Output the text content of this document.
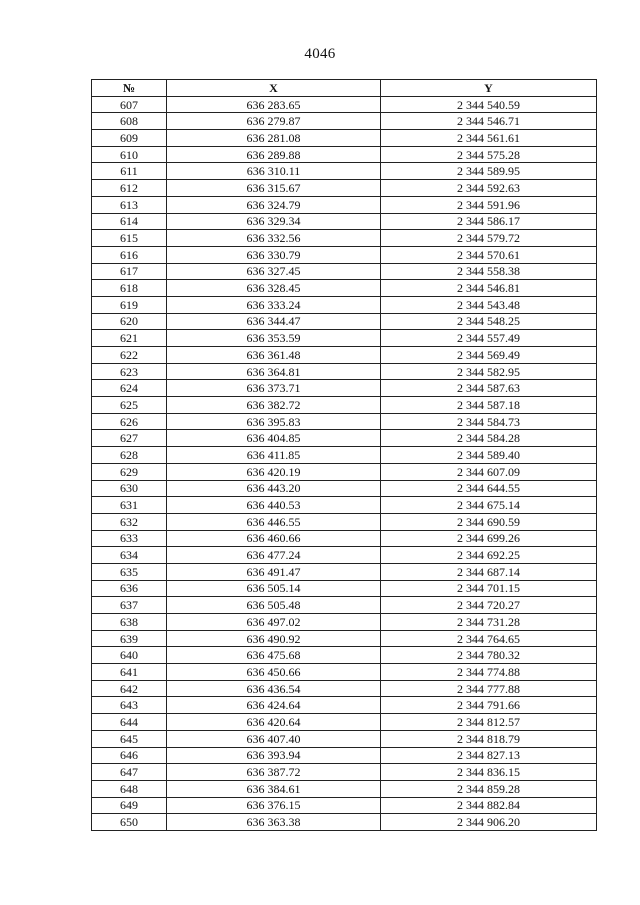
4046
№	X	Y
607	636 283.65	2 344 540.59
608	636 279.87	2 344 546.71
609	636 281.08	2 344 561.61
610	636 289.88	2 344 575.28
611	636 310.11	2 344 589.95
612	636 315.67	2 344 592.63
613	636 324.79	2 344 591.96
614	636 329.34	2 344 586.17
615	636 332.56	2 344 579.72
616	636 330.79	2 344 570.61
617	636 327.45	2 344 558.38
618	636 328.45	2 344 546.81
619	636 333.24	2 344 543.48
620	636 344.47	2 344 548.25
621	636 353.59	2 344 557.49
622	636 361.48	2 344 569.49
623	636 364.81	2 344 582.95
624	636 373.71	2 344 587.63
625	636 382.72	2 344 587.18
626	636 395.83	2 344 584.73
627	636 404.85	2 344 584.28
628	636 411.85	2 344 589.40
629	636 420.19	2 344 607.09
630	636 443.20	2 344 644.55
631	636 440.53	2 344 675.14
632	636 446.55	2 344 690.59
633	636 460.66	2 344 699.26
634	636 477.24	2 344 692.25
635	636 491.47	2 344 687.14
636	636 505.14	2 344 701.15
637	636 505.48	2 344 720.27
638	636 497.02	2 344 731.28
639	636 490.92	2 344 764.65
640	636 475.68	2 344 780.32
641	636 450.66	2 344 774.88
642	636 436.54	2 344 777.88
643	636 424.64	2 344 791.66
644	636 420.64	2 344 812.57
645	636 407.40	2 344 818.79
646	636 393.94	2 344 827.13
647	636 387.72	2 344 836.15
648	636 384.61	2 344 859.28
649	636 376.15	2 344 882.84
650	636 363.38	2 344 906.20
